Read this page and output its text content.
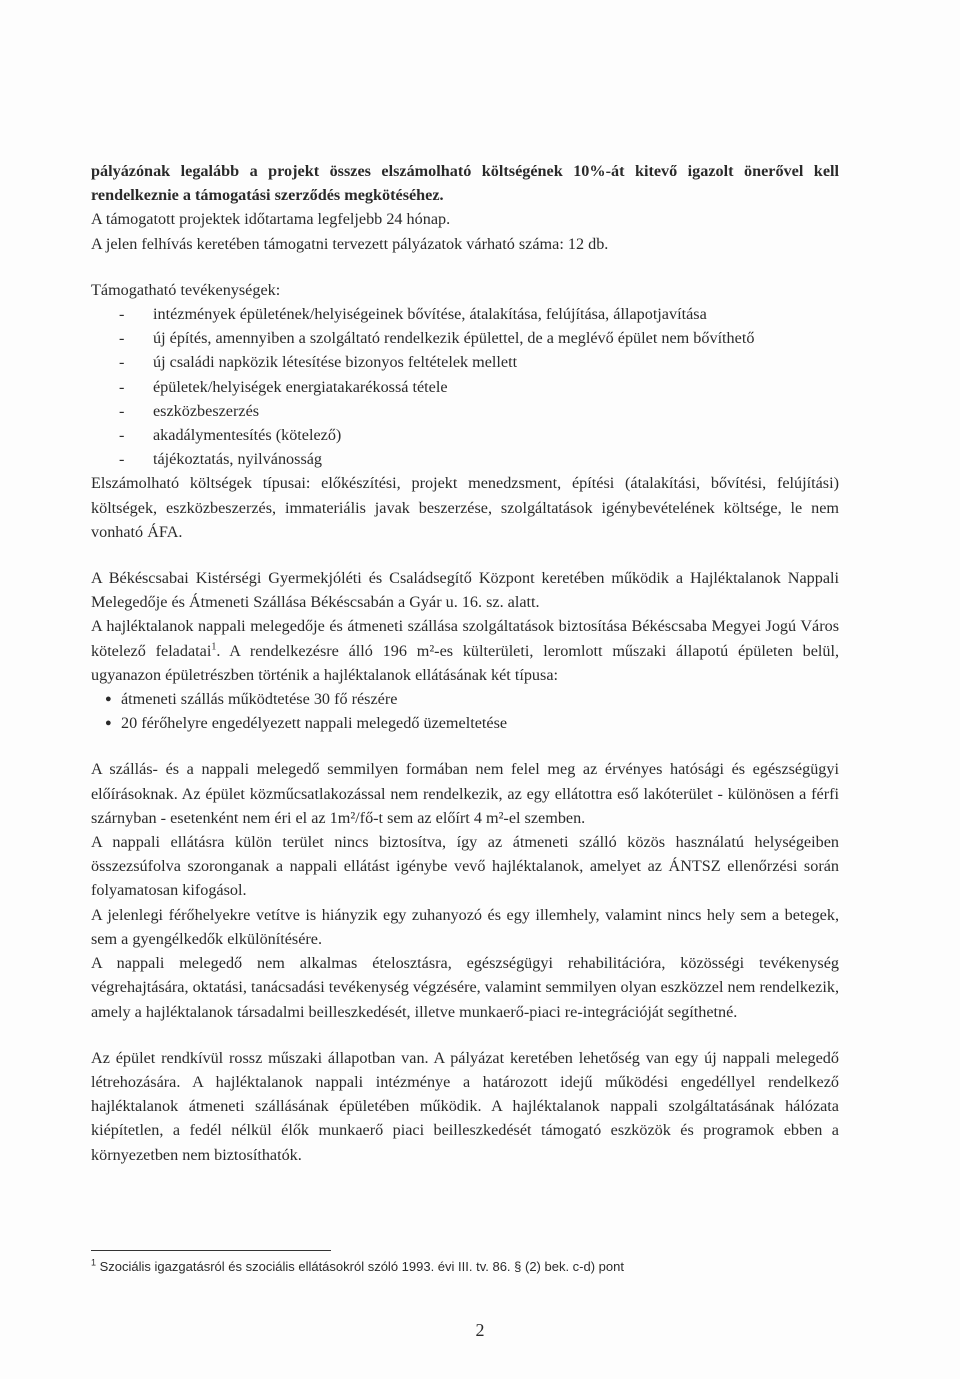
pályázónak legalább a projekt összes elszámolható költségének 10%-át kitevő igazolt önerővel kell rendelkeznie a támogatási szerződés megkötéséhez.

A támogatott projektek időtartama legfeljebb 24 hónap.

A jelen felhívás keretében támogatni tervezett pályázatok várható száma: 12 db.

Támogatható tevékenységek:

- intézmények épületének/helyiségeinek bővítése, átalakítása, felújítása, állapotjavítása
- új építés, amennyiben a szolgáltató rendelkezik épülettel, de a meglévő épület nem bővíthető
- új családi napközik létesítése bizonyos feltételek mellett
- épületek/helyiségek energiatakarékossá tétele
- eszközbeszerzés
- akadálymentesítés (kötelező)
- tájékoztatás, nyilvánosság

Elszámolható költségek típusai: előkészítési, projekt menedzsment, építési (átalakítási, bővítési, felújítási) költségek, eszközbeszerzés, immateriális javak beszerzése, szolgáltatások igénybevételének költsége, le nem vonható ÁFA.

A Békéscsabai Kistérségi Gyermekjóléti és Családsegítő Központ keretében működik a Hajléktalanok Nappali Melegedője és Átmeneti Szállása Békéscsabán a Gyár u. 16. sz. alatt.

A hajléktalanok nappali melegedője és átmeneti szállása szolgáltatások biztosítása Békéscsaba Megyei Jogú Város kötelező feladatai$^1$. A rendelkezésre álló 196 m²-es külterületi, leromlott műszaki állapotú épületen belül, ugyanazon épületrészben történik a hajléktalanok ellátásának két típusa:

● átmeneti szállás működtetése 30 fő részére
● 20 férőhelyre engedélyezett nappali melegedő üzemeltetése

A szállás- és a nappali melegedő semmilyen formában nem felel meg az érvényes hatósági és egészségügyi előírásoknak. Az épület közműcsatlakozással nem rendelkezik, az egy ellátottra eső lakóterület - különösen a férfi szárnyban - esetenként nem éri el az 1m²/fő-t sem az előírt 4 m²-el szemben.

A nappali ellátásra külön terület nincs biztosítva, így az átmeneti szálló közös használatú helységeiben összezsúfolva szoronganak a nappali ellátást igénybe vevő hajléktalanok, amelyet az ÁNTSZ ellenőrzési során folyamatosan kifogásol.

A jelenlegi férőhelyekre vetítve is hiányzik egy zuhanyozó és egy illemhely, valamint nincs hely sem a betegek, sem a gyengélkedők elkülönítésére.

A nappali melegedő nem alkalmas ételosztásra, egészségügyi rehabilitációra, közösségi tevékenység végrehajtására, oktatási, tanácsadási tevékenység végzésére, valamint semmilyen olyan eszközzel nem rendelkezik, amely a hajléktalanok társadalmi beilleszkedését, illetve munkaerő-piaci re-integrációját segíthetné.

Az épület rendkívül rossz műszaki állapotban van. A pályázat keretében lehetőség van egy új nappali melegedő létrehozására. A hajléktalanok nappali intézménye a határozott idejű működési engedéllyel rendelkező hajléktalanok átmeneti szállásának épületében működik. A hajléktalanok nappali szolgáltatásának hálózata kiépítetlen, a fedél nélkül élők munkaerő piaci beilleszkedését támogató eszközök és programok ebben a környezetben nem biztosíthatók.

$^1$ Szociális igazgatásról és szociális ellátásokról szóló 1993. évi III. tv. 86. § (2) bek. c-d) pont
2
